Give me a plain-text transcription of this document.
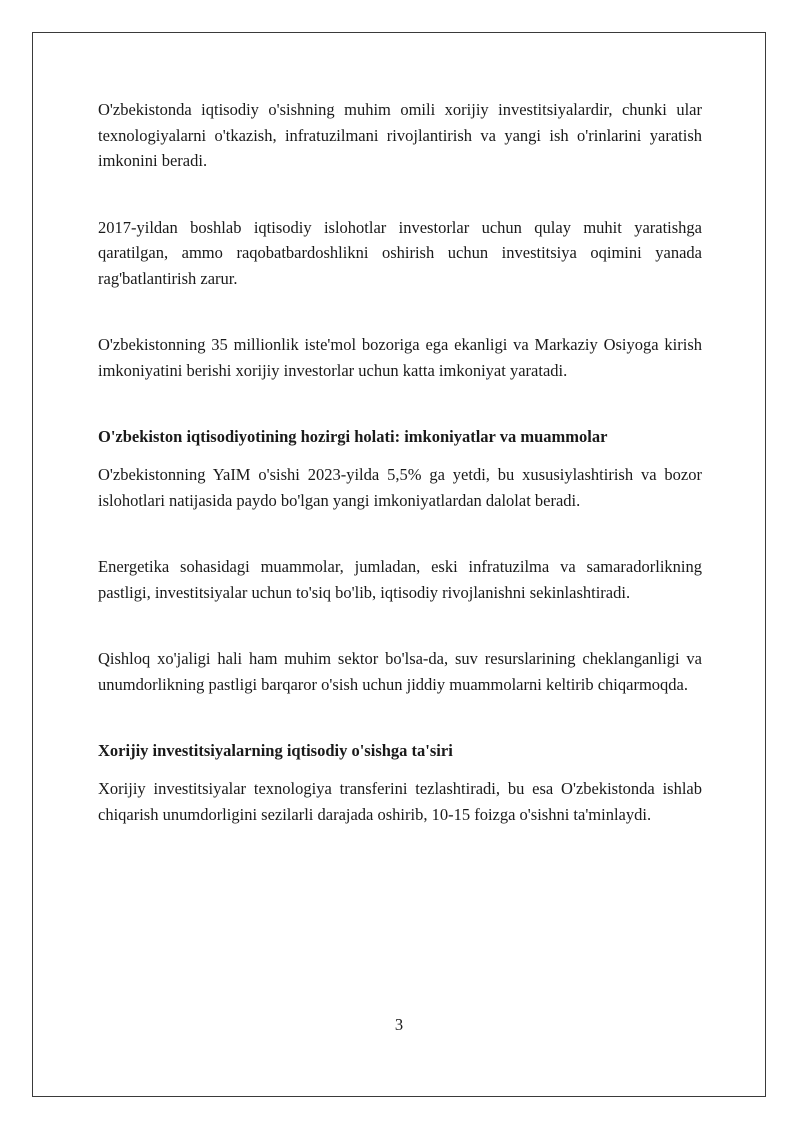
O'zbekistonda iqtisodiy o'sishning muhim omili xorijiy investitsiyalardir, chunki ular texnologiyalarni o'tkazish, infratuzilmani rivojlantirish va yangi ish o'rinlarini yaratish imkonini beradi.

2017-yildan boshlab iqtisodiy islohotlar investorlar uchun qulay muhit yaratishga qaratilgan, ammo raqobatbardoshlikni oshirish uchun investitsiya oqimini yanada rag'batlantirish zarur.

O'zbekistonning 35 millionlik iste'mol bozoriga ega ekanligi va Markaziy Osiyoga kirish imkoniyatini berishi xorijiy investorlar uchun katta imkoniyat yaratadi.

O'zbekiston iqtisodiyotining hozirgi holati: imkoniyatlar va muammolar

O'zbekistonning YaIM o'sishi 2023-yilda 5,5% ga yetdi, bu xususiylashtirish va bozor islohotlari natijasida paydo bo'lgan yangi imkoniyatlardan dalolat beradi.

Energetika sohasidagi muammolar, jumladan, eski infratuzilma va samaradorlikning pastligi, investitsiyalar uchun to'siq bo'lib, iqtisodiy rivojlanishni sekinlashtiradi.

Qishloq xo'jaligi hali ham muhim sektor bo'lsa-da, suv resurslarining cheklanganligi va unumdorlikning pastligi barqaror o'sish uchun jiddiy muammolarni keltirib chiqarmoqda.

Xorijiy investitsiyalarning iqtisodiy o'sishga ta'siri

Xorijiy investitsiyalar texnologiya transferini tezlashtiradi, bu esa O'zbekistonda ishlab chiqarish unumdorligini sezilarli darajada oshirib, 10-15 foizga o'sishni ta'minlaydi.

3
